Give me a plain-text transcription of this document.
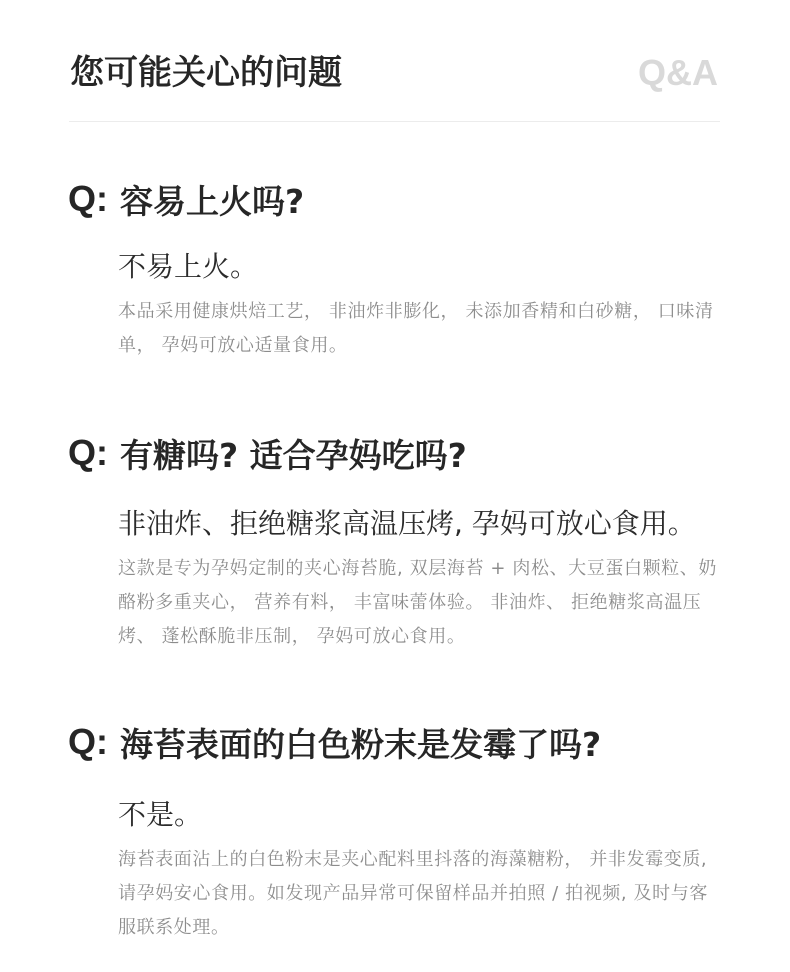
您可能关心的问题	Q&A
Q: 容易上火吗?
不易上火。
本品采用健康烘焙工艺， 非油炸非膨化， 未添加香精和白砂糖， 口味清单， 孕妈可放心适量食用。
Q: 有糖吗? 适合孕妈吃吗?
非油炸、拒绝糖浆高温压烤, 孕妈可放心食用。
这款是专为孕妈定制的夹心海苔脆, 双层海苔 + 肉松、大豆蛋白颗粒、奶酪粉多重夹心， 营养有料， 丰富味蕾体验。 非油炸、 拒绝糖浆高温压烤、 蓬松酥脆非压制， 孕妈可放心食用。
Q: 海苔表面的白色粉末是发霉了吗?
不是。
海苔表面沾上的白色粉末是夹心配料里抖落的海藻糖粉， 并非发霉变质, 请孕妈安心食用。如发现产品异常可保留样品并拍照 / 拍视频, 及时与客服联系处理。
